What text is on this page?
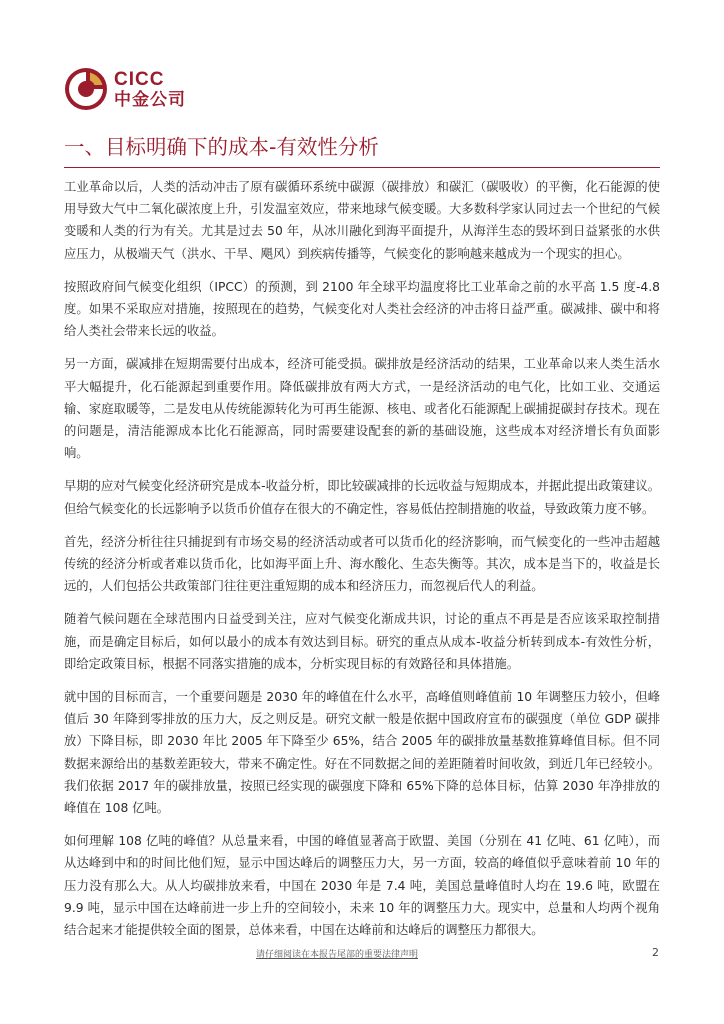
CICC
中金公司
一、目标明确下的成本-有效性分析

工业革命以后，人类的活动冲击了原有碳循环系统中碳源（碳排放）和碳汇（碳吸收）的平衡，化石能源的使用导致大气中二氧化碳浓度上升，引发温室效应，带来地球气候变暖。大多数科学家认同过去一个世纪的气候变暖和人类的行为有关。尤其是过去 50 年，从冰川融化到海平面提升，从海洋生态的毁坏到日益紧张的水供应压力，从极端天气（洪水、干旱、飓风）到疾病传播等，气候变化的影响越来越成为一个现实的担心。

按照政府间气候变化组织（IPCC）的预测，到 2100 年全球平均温度将比工业革命之前的水平高 1.5 度-4.8 度。如果不采取应对措施，按照现在的趋势，气候变化对人类社会经济的冲击将日益严重。碳减排、碳中和将给人类社会带来长远的收益。

另一方面，碳减排在短期需要付出成本，经济可能受损。碳排放是经济活动的结果，工业革命以来人类生活水平大幅提升，化石能源起到重要作用。降低碳排放有两大方式，一是经济活动的电气化，比如工业、交通运输、家庭取暖等，二是发电从传统能源转化为可再生能源、核电、或者化石能源配上碳捕捉碳封存技术。现在的问题是，清洁能源成本比化石能源高，同时需要建设配套的新的基础设施，这些成本对经济增长有负面影响。

早期的应对气候变化经济研究是成本-收益分析，即比较碳减排的长远收益与短期成本，并据此提出政策建议。但给气候变化的长远影响予以货币价值存在很大的不确定性，容易低估控制措施的收益，导致政策力度不够。

首先，经济分析往往只捕捉到有市场交易的经济活动或者可以货币化的经济影响，而气候变化的一些冲击超越传统的经济分析或者难以货币化，比如海平面上升、海水酸化、生态失衡等。其次，成本是当下的，收益是长远的，人们包括公共政策部门往往更注重短期的成本和经济压力，而忽视后代人的利益。

随着气候问题在全球范围内日益受到关注，应对气候变化渐成共识，讨论的重点不再是是否应该采取控制措施，而是确定目标后，如何以最小的成本有效达到目标。研究的重点从成本-收益分析转到成本-有效性分析，即给定政策目标，根据不同落实措施的成本，分析实现目标的有效路径和具体措施。

就中国的目标而言，一个重要问题是 2030 年的峰值在什么水平，高峰值则峰值前 10 年调整压力较小，但峰值后 30 年降到零排放的压力大，反之则反是。研究文献一般是依据中国政府宣布的碳强度（单位 GDP 碳排放）下降目标，即 2030 年比 2005 年下降至少 65%，结合 2005 年的碳排放量基数推算峰值目标。但不同数据来源给出的基数差距较大，带来不确定性。好在不同数据之间的差距随着时间收敛，到近几年已经较小。我们依据 2017 年的碳排放量，按照已经实现的碳强度下降和 65%下降的总体目标，估算 2030 年净排放的峰值在 108 亿吨。

如何理解 108 亿吨的峰值？从总量来看，中国的峰值显著高于欧盟、美国（分别在 41 亿吨、61 亿吨），而从达峰到中和的时间比他们短，显示中国达峰后的调整压力大，另一方面，较高的峰值似乎意味着前 10 年的压力没有那么大。从人均碳排放来看，中国在 2030 年是 7.4 吨，美国总量峰值时人均在 19.6 吨，欧盟在 9.9 吨，显示中国在达峰前进一步上升的空间较小，未来 10 年的调整压力大。现实中，总量和人均两个视角结合起来才能提供较全面的图景，总体来看，中国在达峰前和达峰后的调整压力都很大。

请仔细阅读在本报告尾部的重要法律声明	2
